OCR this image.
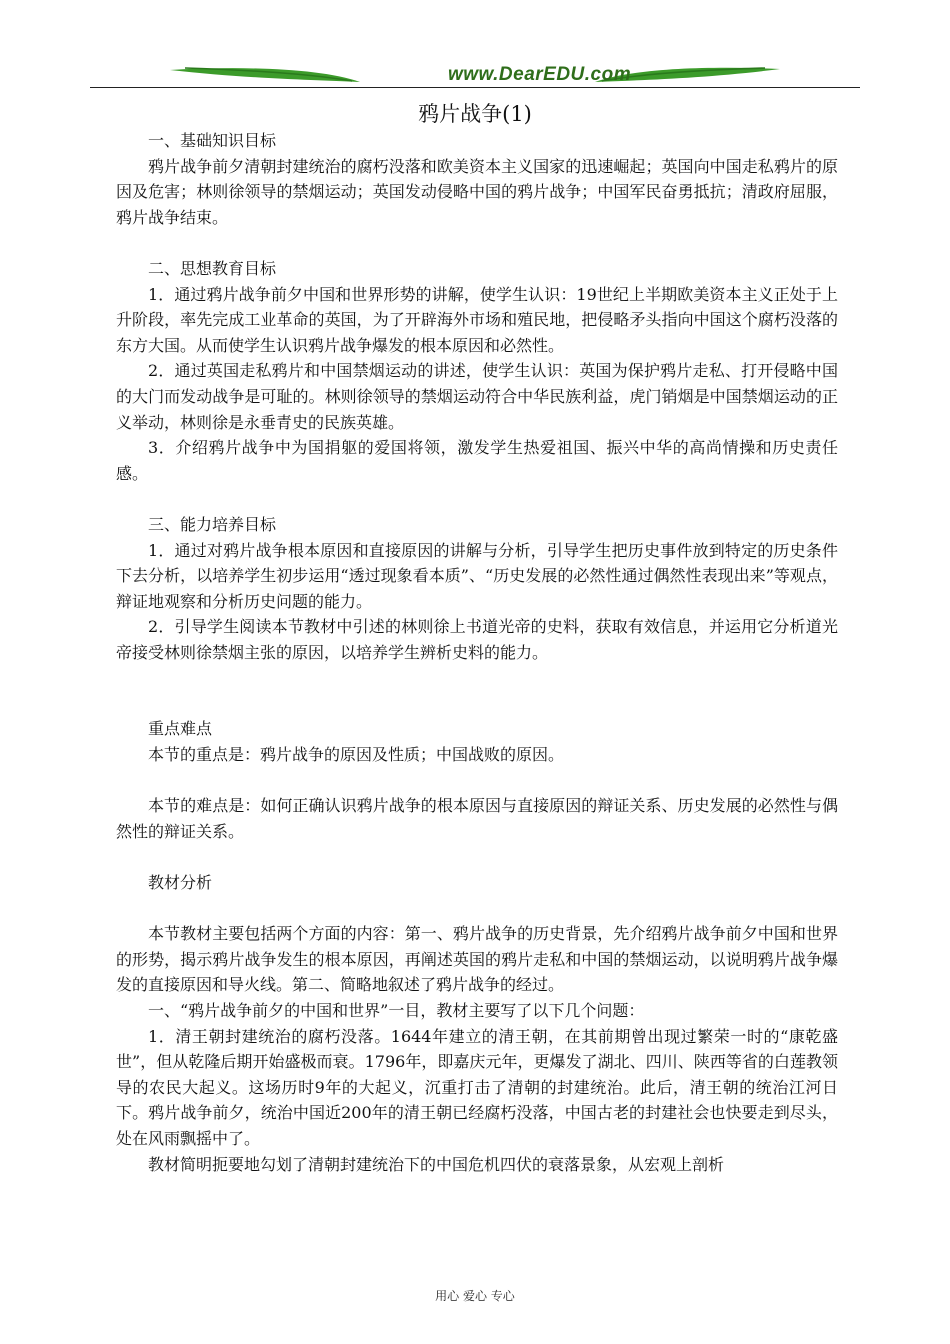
www.DearEDU.com
鸦片战争(1)

一、基础知识目标

鸦片战争前夕清朝封建统治的腐朽没落和欧美资本主义国家的迅速崛起；英国向中国走私鸦片的原因及危害；林则徐领导的禁烟运动；英国发动侵略中国的鸦片战争；中国军民奋勇抵抗；清政府屈服，鸦片战争结束。

二、思想教育目标

1．通过鸦片战争前夕中国和世界形势的讲解，使学生认识：19世纪上半期欧美资本主义正处于上升阶段，率先完成工业革命的英国，为了开辟海外市场和殖民地，把侵略矛头指向中国这个腐朽没落的东方大国。从而使学生认识鸦片战争爆发的根本原因和必然性。

2．通过英国走私鸦片和中国禁烟运动的讲述，使学生认识：英国为保护鸦片走私、打开侵略中国的大门而发动战争是可耻的。林则徐领导的禁烟运动符合中华民族利益，虎门销烟是中国禁烟运动的正义举动，林则徐是永垂青史的民族英雄。

3．介绍鸦片战争中为国捐躯的爱国将领，激发学生热爱祖国、振兴中华的高尚情操和历史责任感。

三、能力培养目标

1．通过对鸦片战争根本原因和直接原因的讲解与分析，引导学生把历史事件放到特定的历史条件下去分析，以培养学生初步运用“透过现象看本质”、“历史发展的必然性通过偶然性表现出来”等观点，辩证地观察和分析历史问题的能力。

2．引导学生阅读本节教材中引述的林则徐上书道光帝的史料，获取有效信息，并运用它分析道光帝接受林则徐禁烟主张的原因，以培养学生辨析史料的能力。

重点难点

本节的重点是：鸦片战争的原因及性质；中国战败的原因。

本节的难点是：如何正确认识鸦片战争的根本原因与直接原因的辩证关系、历史发展的必然性与偶然性的辩证关系。

教材分析

本节教材主要包括两个方面的内容：第一、鸦片战争的历史背景，先介绍鸦片战争前夕中国和世界的形势，揭示鸦片战争发生的根本原因，再阐述英国的鸦片走私和中国的禁烟运动，以说明鸦片战争爆发的直接原因和导火线。第二、简略地叙述了鸦片战争的经过。

一、“鸦片战争前夕的中国和世界”一目，教材主要写了以下几个问题：

1．清王朝封建统治的腐朽没落。1644年建立的清王朝，在其前期曾出现过繁荣一时的“康乾盛世”，但从乾隆后期开始盛极而衰。1796年，即嘉庆元年，更爆发了湖北、四川、陕西等省的白莲教领导的农民大起义。这场历时9年的大起义，沉重打击了清朝的封建统治。此后，清王朝的统治江河日下。鸦片战争前夕，统治中国近200年的清王朝已经腐朽没落，中国古老的封建社会也快要走到尽头，处在风雨飘摇中了。

教材简明扼要地勾划了清朝封建统治下的中国危机四伏的衰落景象，从宏观上剖析

用心 爱心 专心
